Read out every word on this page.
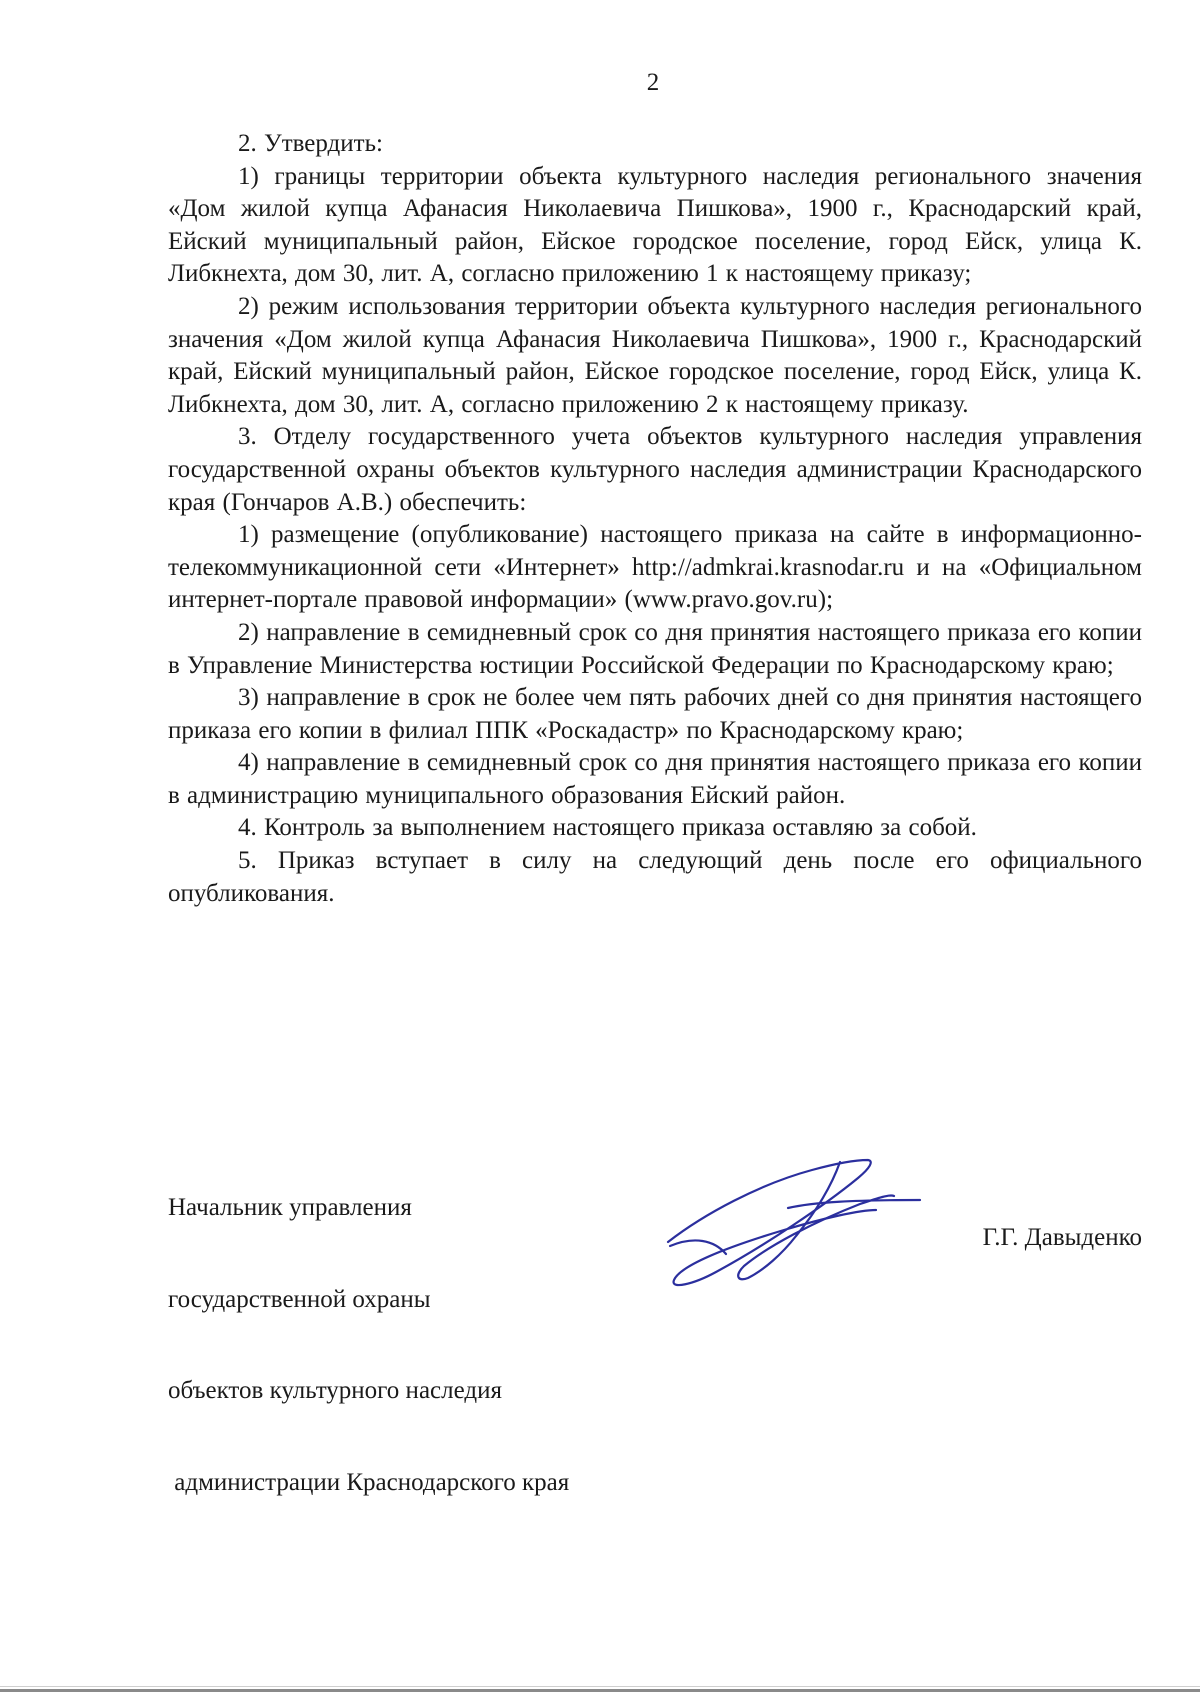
2

2. Утвердить:

1) границы территории объекта культурного наследия регионального значения «Дом жилой купца Афанасия Николаевича Пишкова», 1900 г., Краснодарский край, Ейский муниципальный район, Ейское городское поселение, город Ейск, улица К. Либкнехта, дом 30, лит. А, согласно приложению 1 к настоящему приказу;

2) режим использования территории объекта культурного наследия регионального значения «Дом жилой купца Афанасия Николаевича Пишкова», 1900 г., Краснодарский край, Ейский муниципальный район, Ейское городское поселение, город Ейск, улица К. Либкнехта, дом 30, лит. А, согласно приложению 2 к настоящему приказу.

3. Отделу государственного учета объектов культурного наследия управления государственной охраны объектов культурного наследия администрации Краснодарского края (Гончаров А.В.) обеспечить:

1) размещение (опубликование) настоящего приказа на сайте в информационно-телекоммуникационной сети «Интернет» http://admkrai.krasnodar.ru и на «Официальном интернет-портале правовой информации» (www.pravo.gov.ru);

2) направление в семидневный срок со дня принятия настоящего приказа его копии в Управление Министерства юстиции Российской Федерации по Краснодарскому краю;

3) направление в срок не более чем пять рабочих дней со дня принятия настоящего приказа его копии в филиал ППК «Роскадастр» по Краснодарскому краю;

4) направление в семидневный срок со дня принятия настоящего приказа его копии в администрацию муниципального образования Ейский район.

4. Контроль за выполнением настоящего приказа оставляю за собой.

5. Приказ вступает в силу на следующий день после его официального опубликования.

Начальник управления

государственной охраны

объектов культурного наследия

администрации Краснодарского края

Г.Г. Давыденко
